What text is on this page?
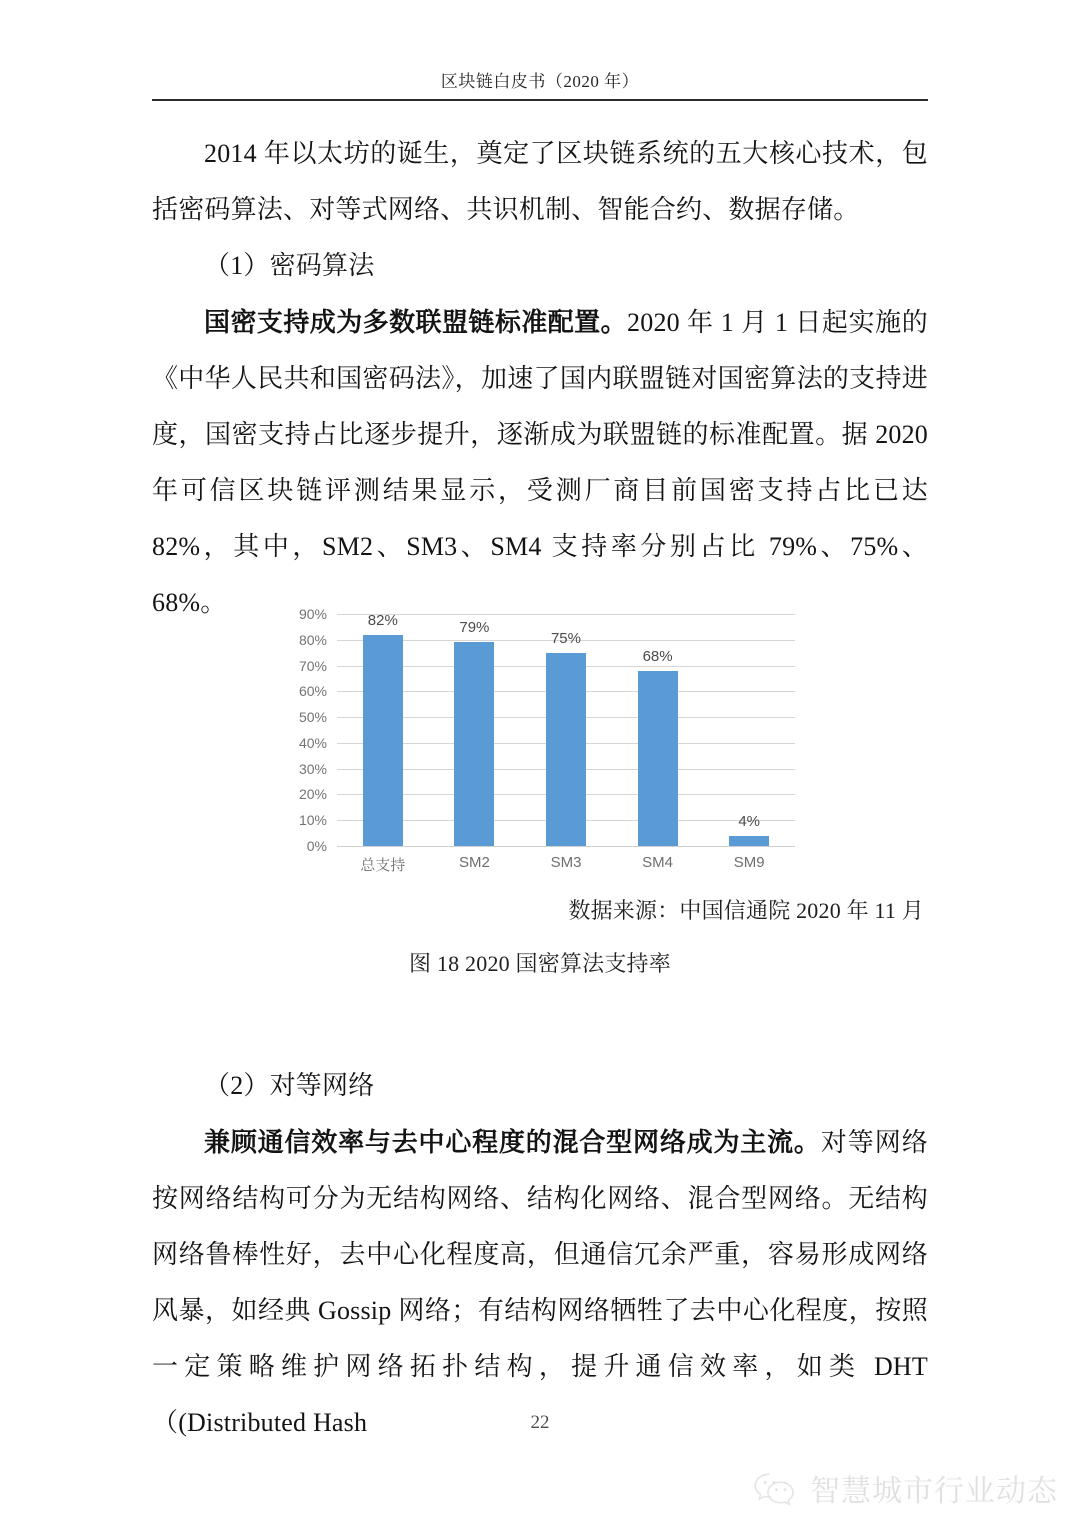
区块链白皮书（2020 年）

2014 年以太坊的诞生，奠定了区块链系统的五大核心技术，包括密码算法、对等式网络、共识机制、智能合约、数据存储。

（1）密码算法

国密支持成为多数联盟链标准配置。2020 年 1 月 1 日起实施的《中华人民共和国密码法》，加速了国内联盟链对国密算法的支持进度，国密支持占比逐步提升，逐渐成为联盟链的标准配置。据 2020 年可信区块链评测结果显示，受测厂商目前国密支持占比已达 82%，其中，SM2、SM3、SM4 支持率分别占比 79%、75%、68%。	90%
80%
70%
60%
50%
40%
30%
20%
10%
0%
82%	79%
75%
68%
4%
总支持	SM2	SM3	SM4	SM9
数据来源：中国信通院 2020 年 11 月
图 18 2020 国密算法支持率

（2）对等网络

兼顾通信效率与去中心程度的混合型网络成为主流。对等网络按网络结构可分为无结构网络、结构化网络、混合型网络。无结构网络鲁棒性好，去中心化程度高，但通信冗余严重，容易形成网络风暴，如经典 Gossip 网络；有结构网络牺牲了去中心化程度，按照一定策略维护网络拓扑结构，提升通信效率，如类 DHT（(Distributed Hash	22
智慧城市行业动态
